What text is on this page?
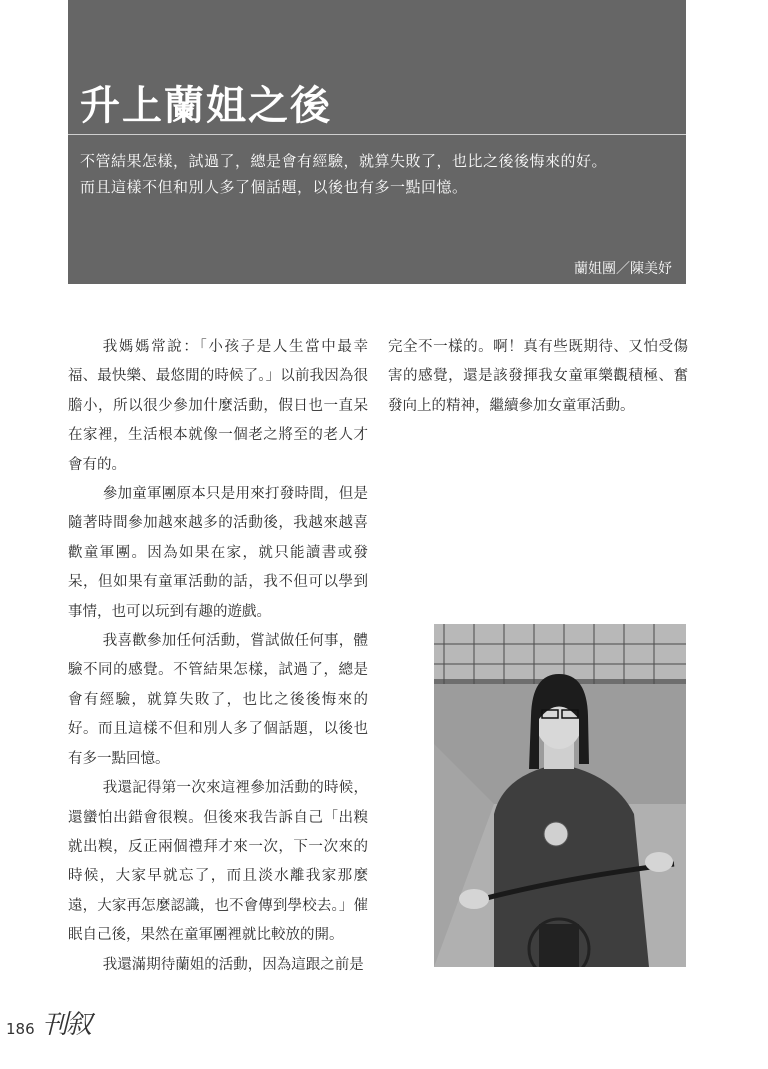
升上蘭姐之後

不管結果怎樣，試過了，總是會有經驗，就算失敗了，也比之後後悔來的好。
而且這樣不但和別人多了個話題，以後也有多一點回憶。

蘭姐團／陳美妤

我媽媽常說：「小孩子是人生當中最幸福、最快樂、最悠閒的時候了。」以前我因為很膽小，所以很少參加什麼活動，假日也一直呆在家裡，生活根本就像一個老之將至的老人才會有的。

參加童軍團原本只是用來打發時間，但是隨著時間參加越來越多的活動後，我越來越喜歡童軍團。因為如果在家，就只能讀書或發呆，但如果有童軍活動的話，我不但可以學到事情，也可以玩到有趣的遊戲。

我喜歡參加任何活動，嘗試做任何事，體驗不同的感覺。不管結果怎樣，試過了，總是會有經驗，就算失敗了，也比之後後悔來的好。而且這樣不但和別人多了個話題，以後也有多一點回憶。

我還記得第一次來這裡參加活動的時候，還蠻怕出錯會很糗。但後來我告訴自己「出糗就出糗，反正兩個禮拜才來一次，下一次來的時候，大家早就忘了，而且淡水離我家那麼遠，大家再怎麼認識，也不會傳到學校去。」催眠自己後，果然在童軍團裡就比較放的開。

我還滿期待蘭姐的活動，因為這跟之前是

完全不一樣的。啊！真有些既期待、又怕受傷害的感覺，還是該發揮我女童軍樂觀積極、奮發向上的精神，繼續參加女童軍活動。

186 刊叙
